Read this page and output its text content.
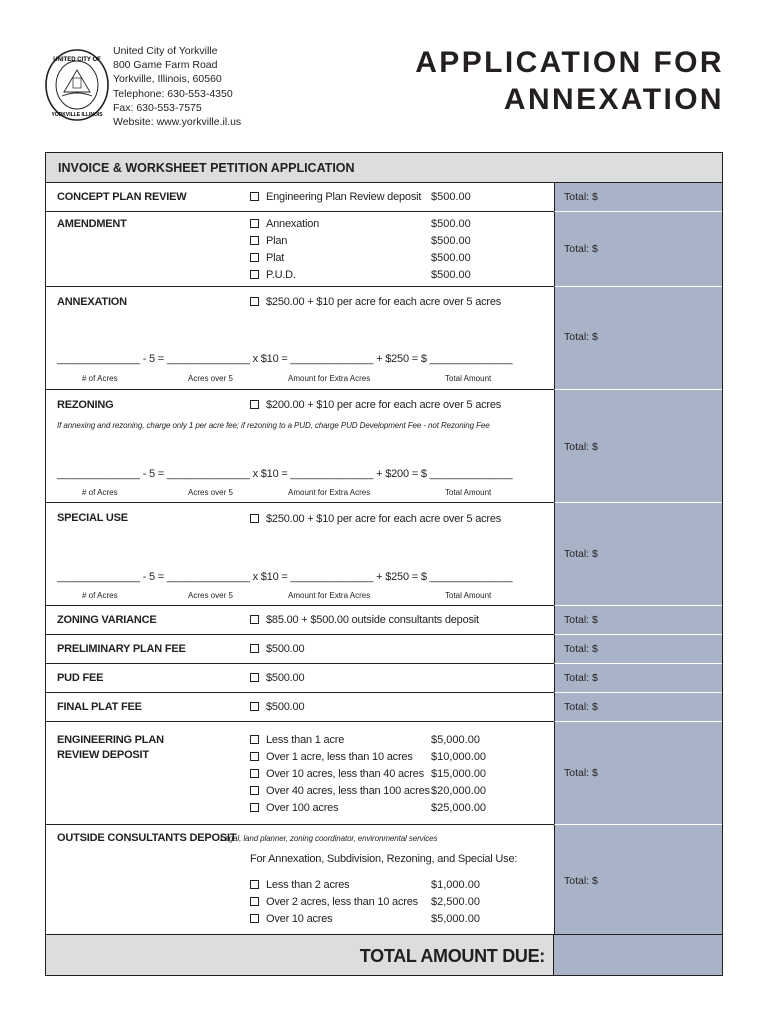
UNITED CITY OF
YORKVILLE ILLINOIS
United City of Yorkville
800 Game Farm Road
Yorkville, Illinois, 60560
Telephone: 630-553-4350
Fax: 630-553-7575
Website: www.yorkville.il.us
APPLICATION FOR
ANNEXATION
INVOICE & WORKSHEET PETITION APPLICATION
CONCEPT PLAN REVIEW	Engineering Plan Review deposit $500.00	Total: $
AMENDMENT	Annexation	$500.00
Plan	$500.00
Plat	$500.00
P.U.D.	$500.00
Total: $
ANNEXATION	$250.00 + $10 per acre for each acre over 5 acres
______________ - 5 = ______________ x $10 = ______________ + $250 = $ ______________
# of Acres	Acres over 5	Amount for Extra Acres	Total Amount
Total: $
REZONING	$200.00 + $10 per acre for each acre over 5 acres
If annexing and rezoning, charge only 1 per acre fee; if rezoning to a PUD, charge PUD Development Fee - not Rezoning Fee
______________ - 5 = ______________ x $10 = ______________ + $200 = $ ______________
# of Acres	Acres over 5	Amount for Extra Acres	Total Amount
Total: $
SPECIAL USE	$250.00 + $10 per acre for each acre over 5 acres
______________ - 5 = ______________ x $10 = ______________ + $250 = $ ______________
# of Acres	Acres over 5	Amount for Extra Acres	Total Amount
Total: $
ZONING VARIANCE	$85.00 + $500.00 outside consultants deposit	Total: $
PRELIMINARY PLAN FEE	$500.00	Total: $
PUD FEE	$500.00	Total: $
FINAL PLAT FEE	$500.00	Total: $
ENGINEERING PLAN
REVIEW DEPOSIT
Less than 1 acre	$5,000.00
Over 1 acre, less than 10 acres $10,000.00
Over 10 acres, less than 40 acres $15,000.00
Over 40 acres, less than 100 acres $20,000.00
Over 100 acres	$25,000.00
Total: $
OUTSIDE CONSULTANTS DEPOSIT
Legal, land planner, zoning coordinator, environmental services
For Annexation, Subdivision, Rezoning, and Special Use:
Less than 2 acres	$1,000.00
Over 2 acres, less than 10 acres $2,500.00
Over 10 acres	$5,000.00
Total: $
TOTAL AMOUNT DUE:
